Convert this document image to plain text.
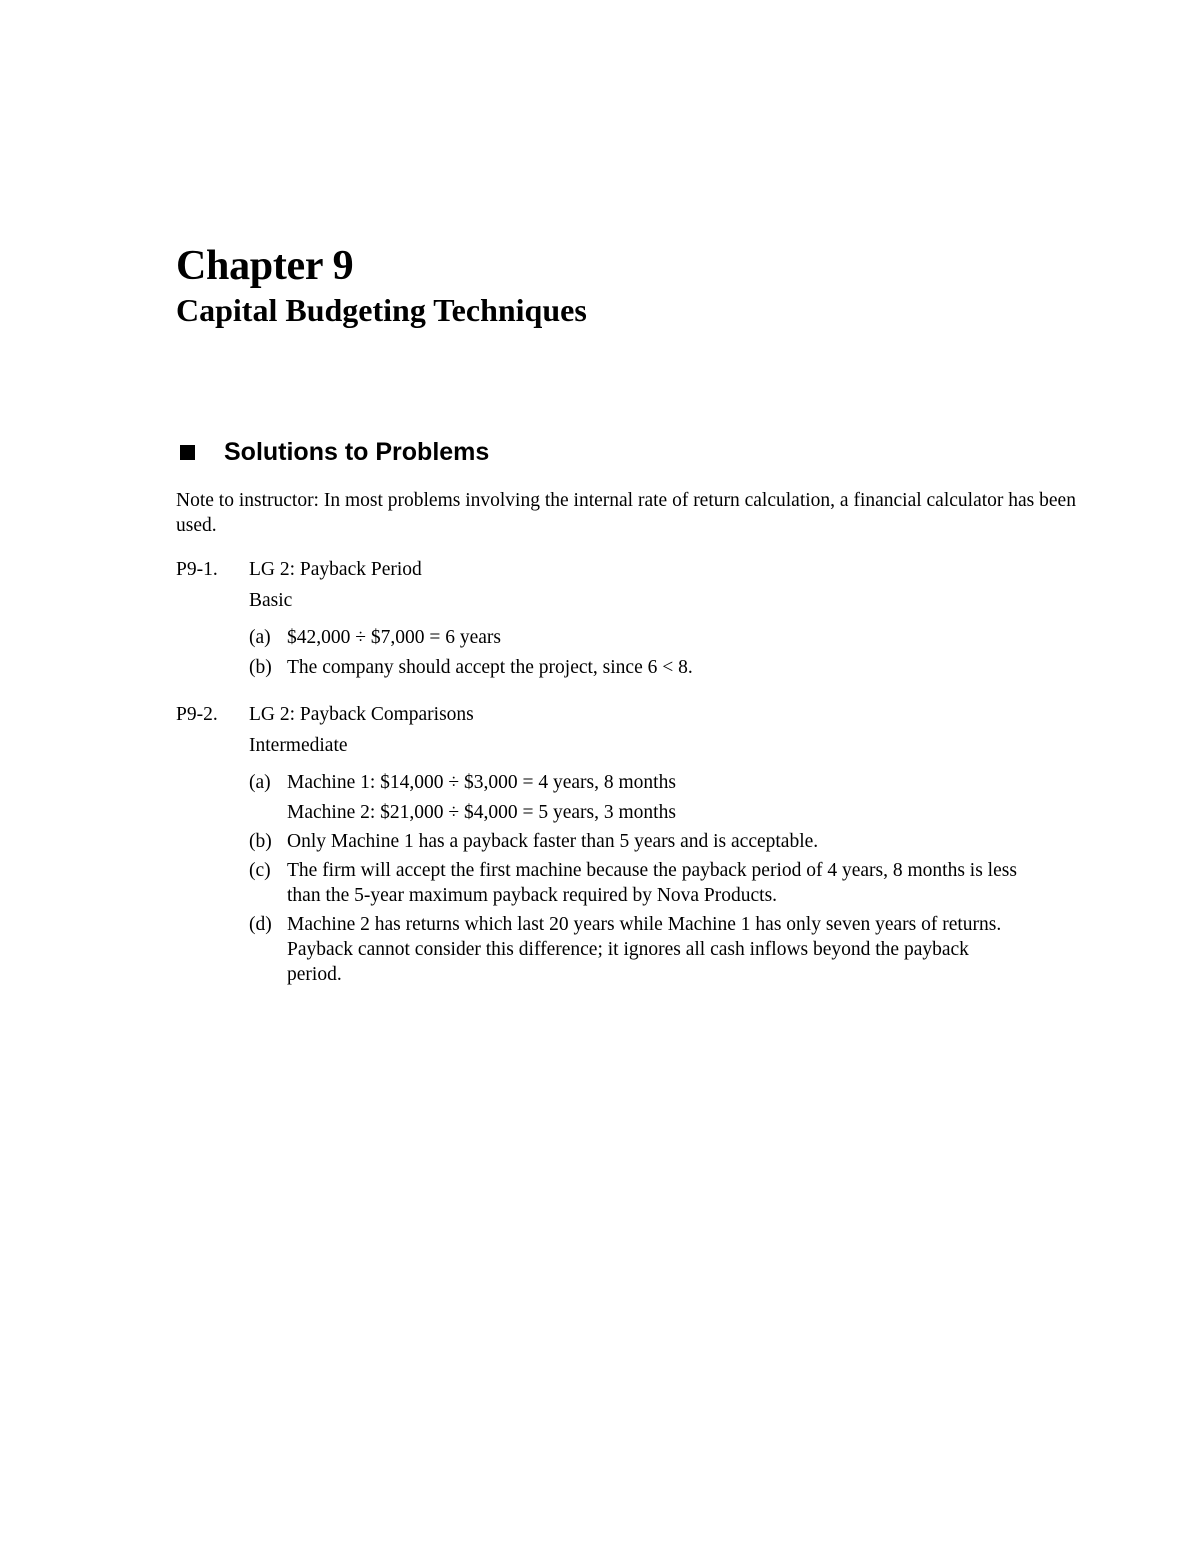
Chapter 9
Capital Budgeting Techniques
Solutions to Problems

Note to instructor: In most problems involving the internal rate of return calculation, a financial calculator has been used.

P9-1. LG 2: Payback Period

Basic

(a) $42,000 ÷ $7,000 = 6 years
(b) The company should accept the project, since 6 < 8.

P9-2. LG 2: Payback Comparisons

Intermediate

(a) Machine 1: $14,000 ÷ $3,000 = 4 years, 8 months
Machine 2: $21,000 ÷ $4,000 = 5 years, 3 months
(b) Only Machine 1 has a payback faster than 5 years and is acceptable.
(c) The firm will accept the first machine because the payback period of 4 years, 8 months is less
than the 5-year maximum payback required by Nova Products.
(d) Machine 2 has returns which last 20 years while Machine 1 has only seven years of returns.
Payback cannot consider this difference; it ignores all cash inflows beyond the payback
period.
